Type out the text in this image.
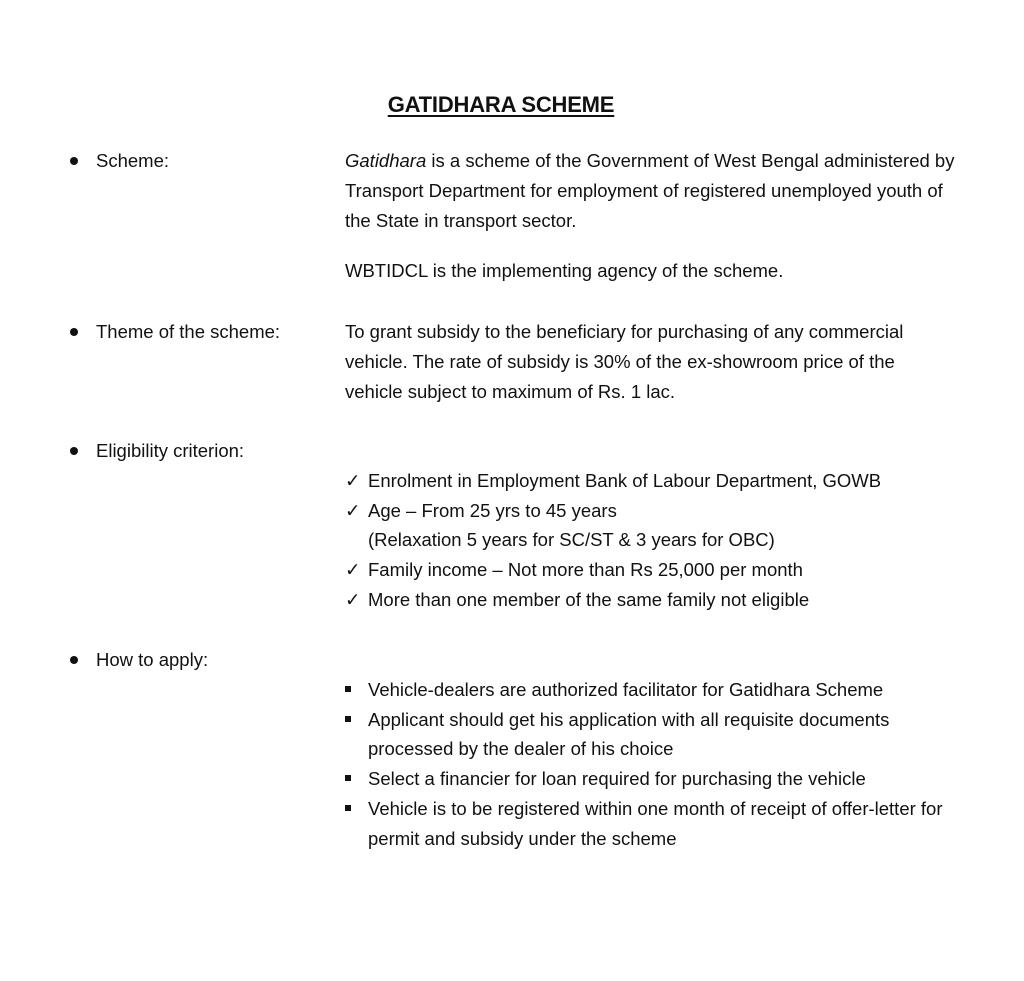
GATIDHARA SCHEME
Scheme:	Gatidhara is a scheme of the Government of West Bengal administered by Transport Department for employment of registered unemployed youth of the State in transport sector.

WBTIDCL is the implementing agency of the scheme.

Theme of the scheme:	To grant subsidy to the beneficiary for purchasing of any commercial vehicle. The rate of subsidy is 30% of the ex-showroom price of the vehicle subject to maximum of Rs. 1 lac.

Eligibility criterion:
✓ Enrolment in Employment Bank of Labour Department, GOWB
✓ Age – From 25 yrs to 45 years
(Relaxation 5 years for SC/ST & 3 years for OBC)
✓ Family income – Not more than Rs 25,000 per month
✓ More than one member of the same family not eligible
How to apply:
Vehicle-dealers are authorized facilitator for Gatidhara Scheme
Applicant should get his application with all requisite documents processed by the dealer of his choice
Select a financier for loan required for purchasing the vehicle
Vehicle is to be registered within one month of receipt of offer-letter for permit and subsidy under the scheme
